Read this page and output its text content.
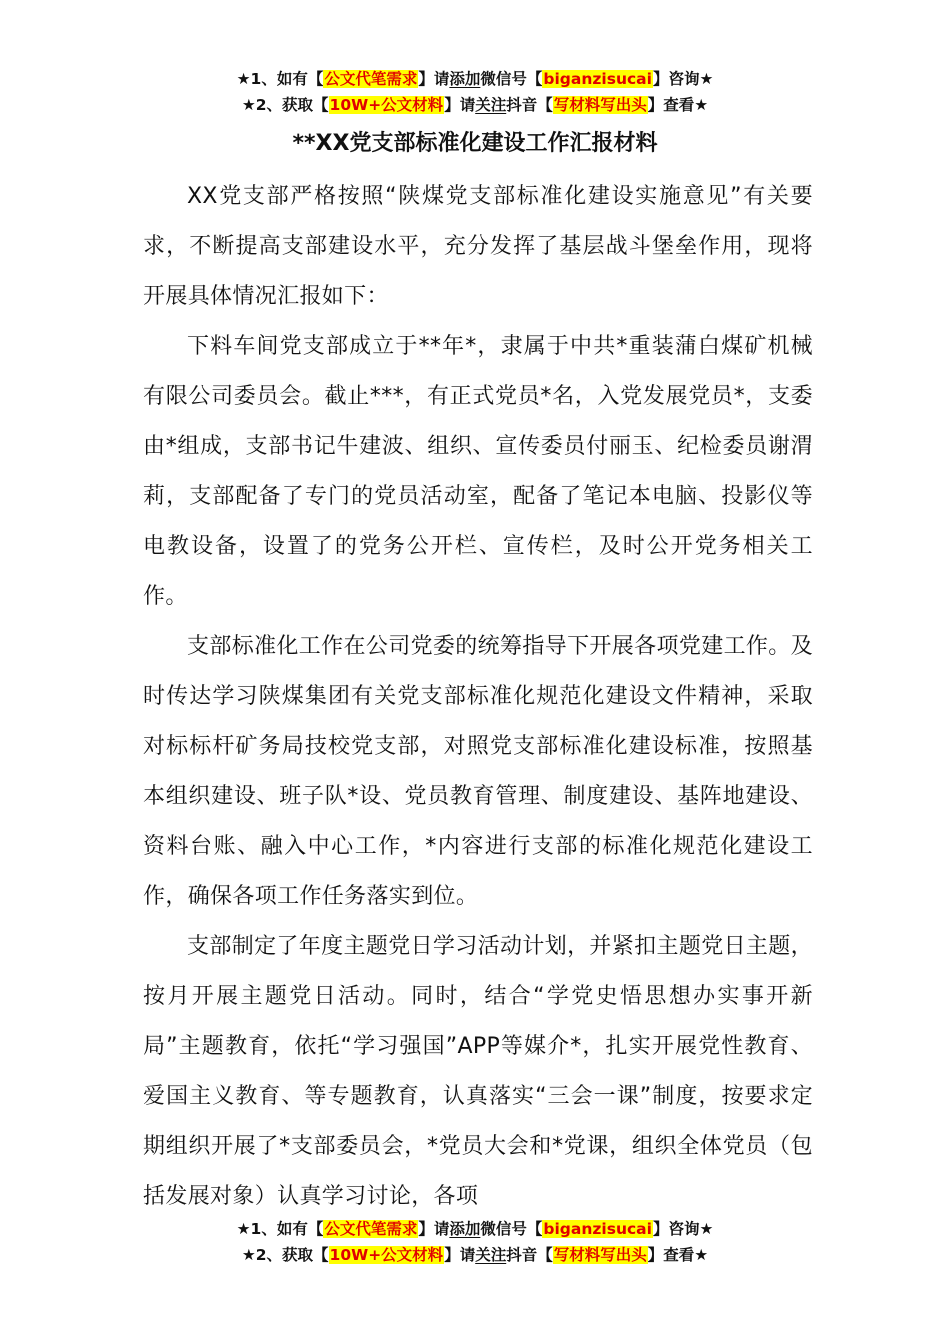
★1、如有【公文代笔需求】请添加微信号【biganzisucai】咨询★
★2、获取【10W+公文材料】请关注抖音【写材料写出头】查看★
**XX党支部标准化建设工作汇报材料

XX党支部严格按照“陕煤党支部标准化建设实施意见”有关要求，不断提高支部建设水平，充分发挥了基层战斗堡垒作用，现将开展具体情况汇报如下：

下料车间党支部成立于**年*，隶属于中共*重装蒲白煤矿机械有限公司委员会。截止***，有正式党员*名，入党发展党员*，支委由*组成，支部书记牛建波、组织、宣传委员付丽玉、纪检委员谢渭莉，支部配备了专门的党员活动室，配备了笔记本电脑、投影仪等电教设备，设置了的党务公开栏、宣传栏，及时公开党务相关工作。

支部标准化工作在公司党委的统筹指导下开展各项党建工作。及时传达学习陕煤集团有关党支部标准化规范化建设文件精神，采取对标标杆矿务局技校党支部，对照党支部标准化建设标准，按照基本组织建设、班子队*设、党员教育管理、制度建设、基阵地建设、资料台账、融入中心工作，*内容进行支部的标准化规范化建设工作，确保各项工作任务落实到位。

支部制定了年度主题党日学习活动计划，并紧扣主题党日主题，按月开展主题党日活动。同时，结合“学党史悟思想办实事开新局”主题教育，依托“学习强国”APP等媒介*，扎实开展党性教育、爱国主义教育、等专题教育，认真落实“三会一课”制度，按要求定期组织开展了*支部委员会，*党员大会和*党课，组织全体党员（包括发展对象）认真学习讨论，各项

★1、如有【公文代笔需求】请添加微信号【biganzisucai】咨询★
★2、获取【10W+公文材料】请关注抖音【写材料写出头】查看★
